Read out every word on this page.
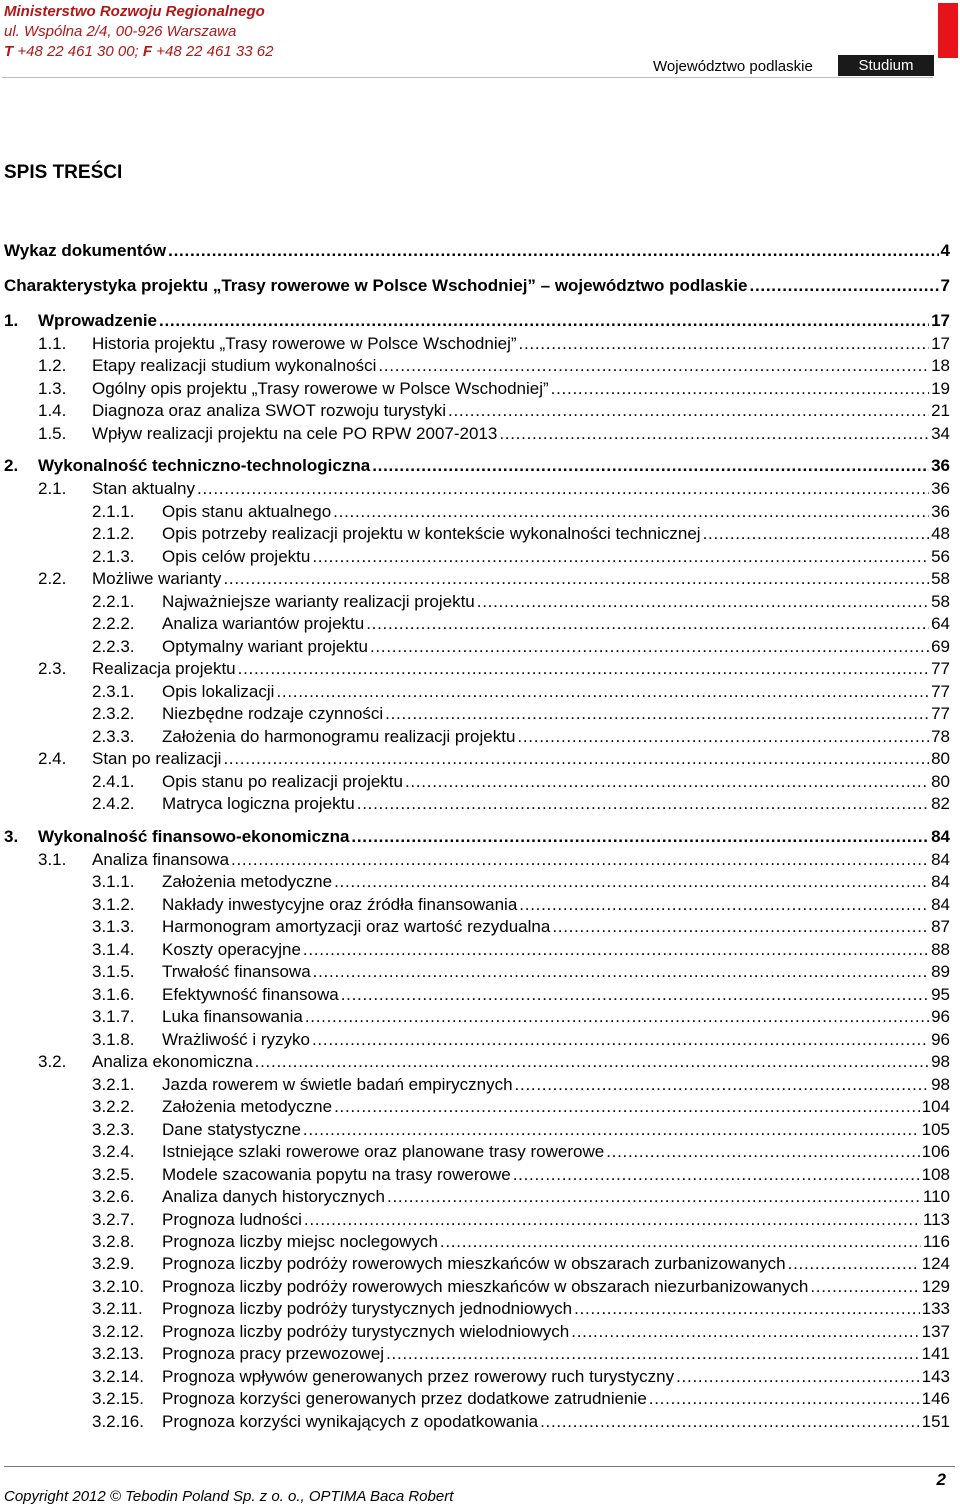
Ministerstwo Rozwoju Regionalnego
ul. Wspólna 2/4, 00-926 Warszawa
T +48 22 461 30 00; F +48 22 461 33 62
Województwo podlaskie	Studium
SPIS TREŚCI
Wykaz dokumentów . . .	4
Charakterystyka projektu „Trasy rowerowe w Polsce Wschodniej” – województwo podlaskie . . .	7
1. Wprowadzenie . . .	17
1.1. Historia projektu „Trasy rowerowe w Polsce Wschodniej” . . .	17
1.2. Etapy realizacji studium wykonalności . . .	18
1.3. Ogólny opis projektu „Trasy rowerowe w Polsce Wschodniej” . . .	19
1.4. Diagnoza oraz analiza SWOT rozwoju turystyki . . .	21
1.5. Wpływ realizacji projektu na cele PO RPW 2007-2013 . . .	34
2. Wykonalność techniczno-technologiczna . . .	36
2.1. Stan aktualny . . .	36
2.1.1. Opis stanu aktualnego . . .	36
2.1.2. Opis potrzeby realizacji projektu w kontekście wykonalności technicznej . . .	48
2.1.3. Opis celów projektu . . .	56
2.2. Możliwe warianty . . .	58
2.2.1. Najważniejsze warianty realizacji projektu . . .	58
2.2.2. Analiza wariantów projektu . . .	64
2.2.3. Optymalny wariant projektu . . .	69
2.3. Realizacja projektu . . .	77
2.3.1. Opis lokalizacji . . .	77
2.3.2. Niezbędne rodzaje czynności . . .	77
2.3.3. Założenia do harmonogramu realizacji projektu . . .	78
2.4. Stan po realizacji . . .	80
2.4.1. Opis stanu po realizacji projektu . . .	80
2.4.2. Matryca logiczna projektu . . .	82
3. Wykonalność finansowo-ekonomiczna . . .	84
3.1. Analiza finansowa . . .	84
3.1.1. Założenia metodyczne . . .	84
3.1.2. Nakłady inwestycyjne oraz źródła finansowania . . .	84
3.1.3. Harmonogram amortyzacji oraz wartość rezydualna . . .	87
3.1.4. Koszty operacyjne . . .	88
3.1.5. Trwałość finansowa . . .	89
3.1.6. Efektywność finansowa . . .	95
3.1.7. Luka finansowania . . .	96
3.1.8. Wrażliwość i ryzyko . . .	96
3.2. Analiza ekonomiczna . . .	98
3.2.1. Jazda rowerem w świetle badań empirycznych . . .	98
3.2.2. Założenia metodyczne . . .	104
3.2.3. Dane statystyczne . . .	105
3.2.4. Istniejące szlaki rowerowe oraz planowane trasy rowerowe . . .	106
3.2.5. Modele szacowania popytu na trasy rowerowe . . .	108
3.2.6. Analiza danych historycznych . . .	110
3.2.7. Prognoza ludności . . .	113
3.2.8. Prognoza liczby miejsc noclegowych . . .	116
3.2.9. Prognoza liczby podróży rowerowych mieszkańców w obszarach zurbanizowanych . . .	124
3.2.10. Prognoza liczby podróży rowerowych mieszkańców w obszarach niezurbanizowanych . . .	129
3.2.11. Prognoza liczby podróży turystycznych jednodniowych . . .	133
3.2.12. Prognoza liczby podróży turystycznych wielodniowych . . .	137
3.2.13. Prognoza pracy przewozowej . . .	141
3.2.14. Prognoza wpływów generowanych przez rowerowy ruch turystyczny . . .	143
3.2.15. Prognoza korzyści generowanych przez dodatkowe zatrudnienie . . .	146
3.2.16. Prognoza korzyści wynikających z opodatkowania . . .	151
Copyright 2012 © Tebodin Poland Sp. z o. o., OPTIMA Baca Robert
2
